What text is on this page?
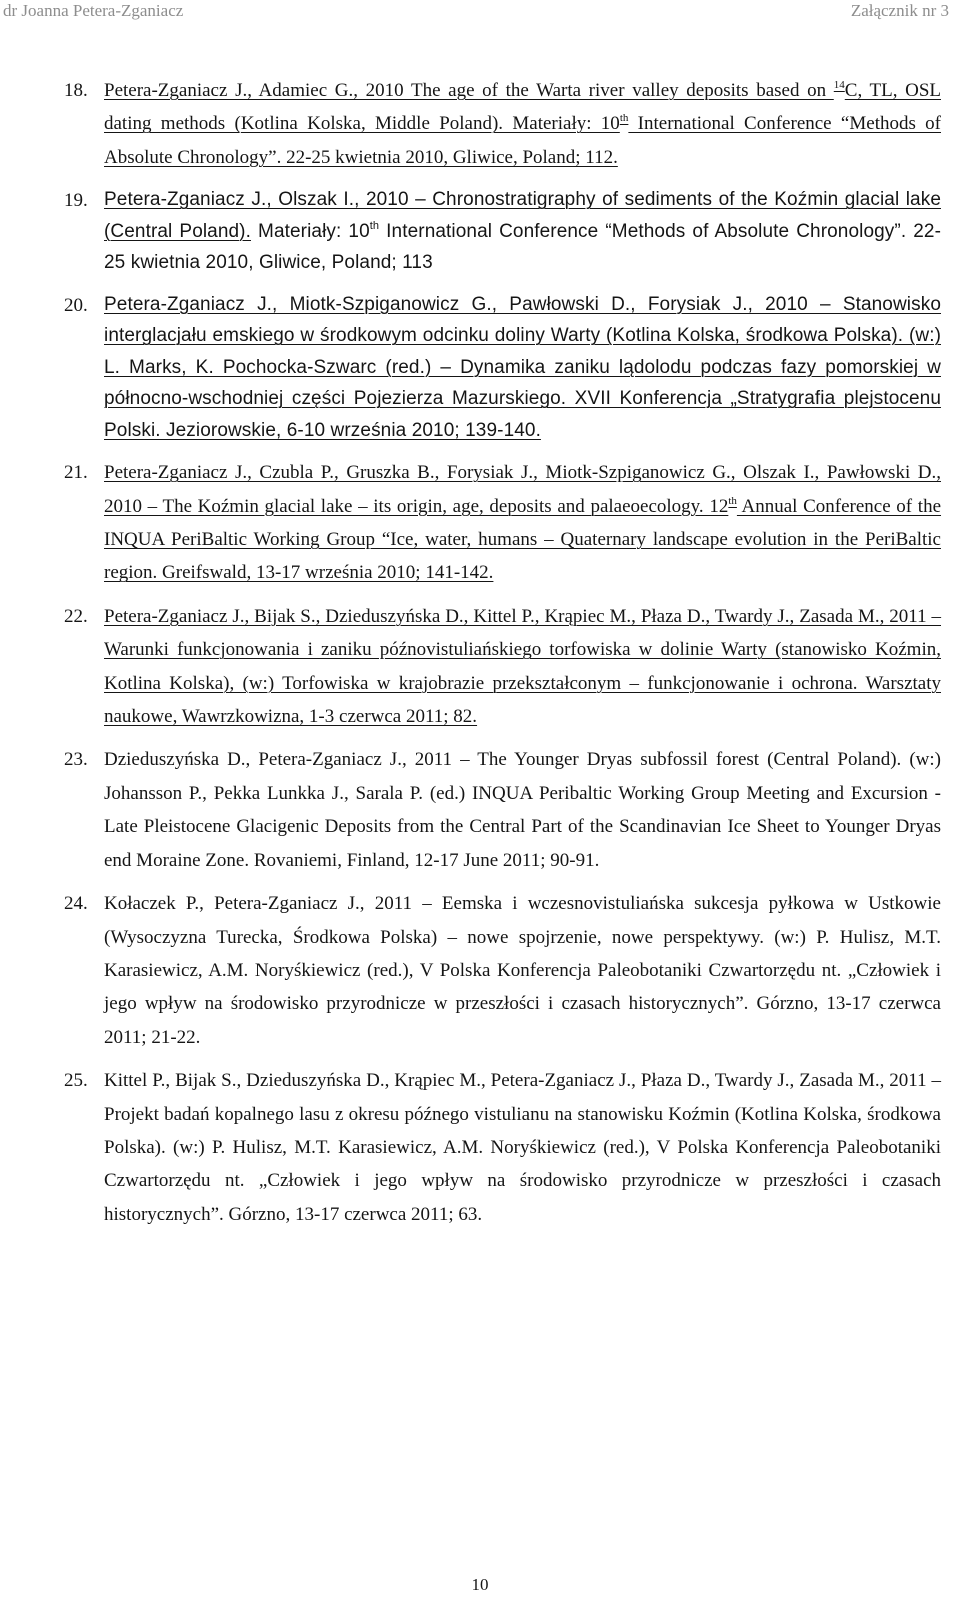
dr Joanna Petera-Zganiacz	Załącznik nr 3
18. Petera-Zganiacz J., Adamiec G., 2010 The age of the Warta river valley deposits based on $^{14}$C, TL, OSL dating methods (Kotlina Kolska, Middle Poland). Materiały: 10th International Conference “Methods of Absolute Chronology”. 22-25 kwietnia 2010, Gliwice, Poland; 112.
19. Petera-Zganiacz J., Olszak I., 2010 – Chronostratigraphy of sediments of the Koźmin glacial lake (Central Poland). Materiały: 10th International Conference “Methods of Absolute Chronology”. 22-25 kwietnia 2010, Gliwice, Poland; 113
20. Petera-Zganiacz J., Miotk-Szpiganowicz G., Pawłowski D., Forysiak J., 2010 – Stanowisko interglacjału emskiego w środkowym odcinku doliny Warty (Kotlina Kolska, środkowa Polska). (w:) L. Marks, K. Pochocka-Szwarc (red.) – Dynamika zaniku lądolodu podczas fazy pomorskiej w północno-wschodniej części Pojezierza Mazurskiego. XVII Konferencja „Stratygrafia plejstocenu Polski. Jeziorowskie, 6-10 września 2010; 139-140.
21. Petera-Zganiacz J., Czubla P., Gruszka B., Forysiak J., Miotk-Szpiganowicz G., Olszak I., Pawłowski D., 2010 – The Koźmin glacial lake – its origin, age, deposits and palaeoecology. 12th Annual Conference of the INQUA PeriBaltic Working Group “Ice, water, humans – Quaternary landscape evolution in the PeriBaltic region. Greifswald, 13-17 września 2010; 141-142.
22. Petera-Zganiacz J., Bijak S., Dzieduszyńska D., Kittel P., Krąpiec M., Płaza D., Twardy J., Zasada M., 2011 – Warunki funkcjonowania i zaniku późnovistuliańskiego torfowiska w dolinie Warty (stanowisko Koźmin, Kotlina Kolska), (w:) Torfowiska w krajobrazie przekształconym – funkcjonowanie i ochrona. Warsztaty naukowe, Wawrzkowizna, 1-3 czerwca 2011; 82.
23. Dzieduszyńska D., Petera-Zganiacz J., 2011 – The Younger Dryas subfossil forest (Central Poland). (w:) Johansson P., Pekka Lunkka J., Sarala P. (ed.) INQUA Peribaltic Working Group Meeting and Excursion - Late Pleistocene Glacigenic Deposits from the Central Part of the Scandinavian Ice Sheet to Younger Dryas end Moraine Zone. Rovaniemi, Finland, 12-17 June 2011; 90-91.
24. Kołaczek P., Petera-Zganiacz J., 2011 – Eemska i wczesnovistuliańska sukcesja pyłkowa w Ustkowie (Wysoczyzna Turecka, Środkowa Polska) – nowe spojrzenie, nowe perspektywy. (w:) P. Hulisz, M.T. Karasiewicz, A.M. Noryśkiewicz (red.), V Polska Konferencja Paleobotaniki Czwartorzędu nt. „Człowiek i jego wpływ na środowisko przyrodnicze w przeszłości i czasach historycznych”. Górzno, 13-17 czerwca 2011; 21-22.
25. Kittel P., Bijak S., Dzieduszyńska D., Krąpiec M., Petera-Zganiacz J., Płaza D., Twardy J., Zasada M., 2011 – Projekt badań kopalnego lasu z okresu późnego vistulianu na stanowisku Koźmin (Kotlina Kolska, środkowa Polska). (w:) P. Hulisz, M.T. Karasiewicz, A.M. Noryśkiewicz (red.), V Polska Konferencja Paleobotaniki Czwartorzędu nt. „Człowiek i jego wpływ na środowisko przyrodnicze w przeszłości i czasach historycznych”. Górzno, 13-17 czerwca 2011; 63.
10
